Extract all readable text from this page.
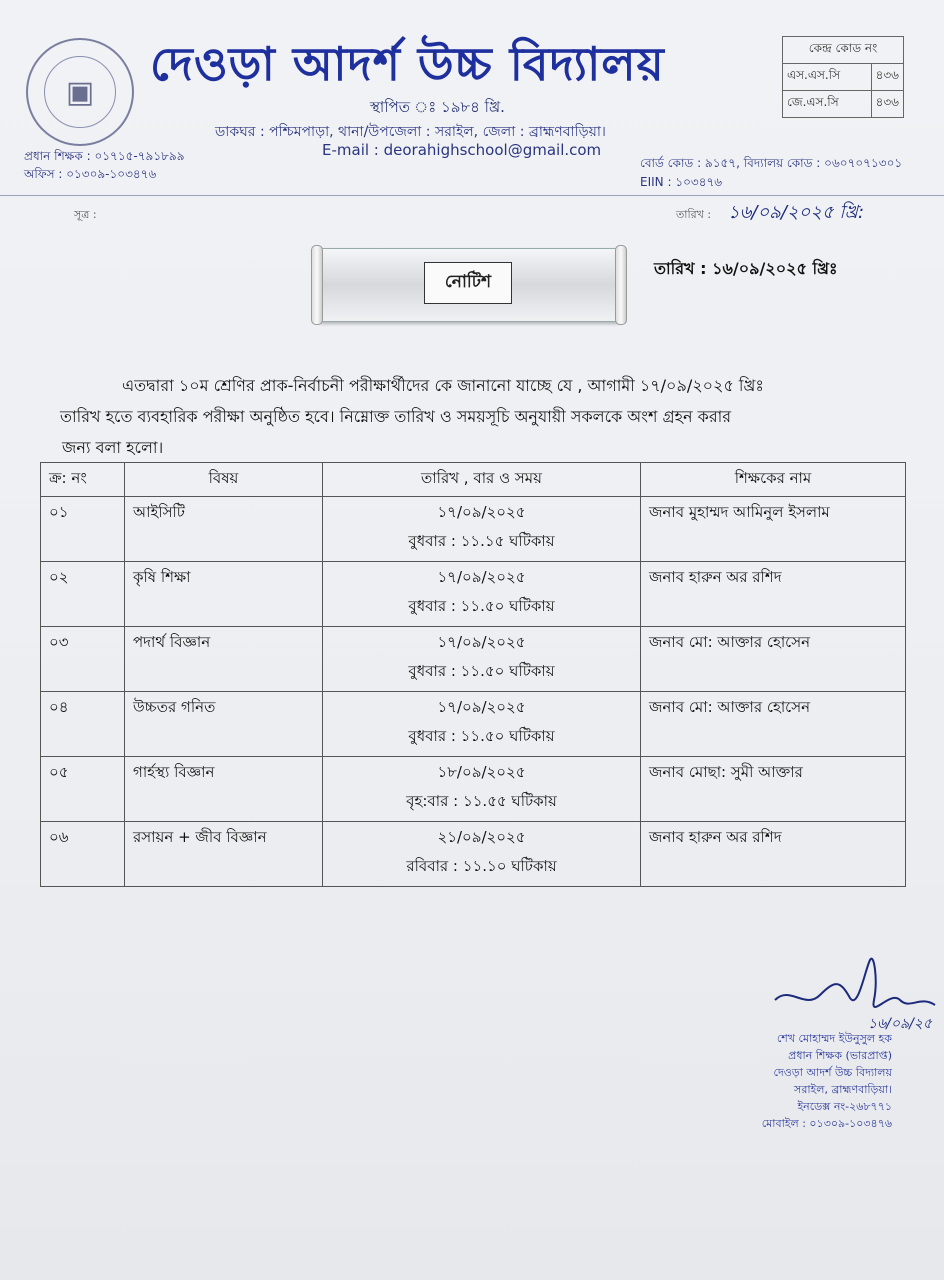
▣
দেওড়া আদর্শ উচ্চ বিদ্যালয়
স্থাপিত ঃ ১৯৮৪ খ্রি.
ডাকঘর : পশ্চিমপাড়া, থানা/উপজেলা : সরাইল, জেলা : ব্রাহ্মণবাড়িয়া।
E-mail : deorahighschool@gmail.com
কেন্দ্র কোড নং
এস.এস.সি	৪৩৬
জে.এস.সি	৪৩৬
প্রধান শিক্ষক : ০১৭১৫-৭৯১৮৯৯
অফিস : ০১৩০৯-১০৩৪৭৬
বোর্ড কোড : ৯১৫৭, বিদ্যালয় কোড : ০৬০৭০৭১৩০১
EIIN : ১০৩৪৭৬
সূত্র :	তারিখ : ১৬/০৯/২০২৫ খ্রি:
নোটিশ
তারিখ : ১৬/০৯/২০২৫ খ্রিঃ
এতদ্বারা ১০ম শ্রেণির প্রাক-নির্বাচনী পরীক্ষার্থীদের কে জানানো যাচ্ছে যে , আগামী ১৭/০৯/২০২৫ খ্রিঃ
তারিখ হতে ব্যবহারিক পরীক্ষা অনুষ্ঠিত হবে। নিম্নোক্ত তারিখ ও সময়সূচি অনুযায়ী সকলকে অংশ গ্রহন করার
জন্য বলা হলো।
ক্র: নং	বিষয়	তারিখ , বার ও সময়	শিক্ষকের নাম
০১	আইসিটি	১৭/০৯/২০২৫
বুধবার : ১১.১৫ ঘটিকায়	জনাব মুহাম্মদ আমিনুল ইসলাম
০২	কৃষি শিক্ষা	১৭/০৯/২০২৫
বুধবার : ১১.৫০ ঘটিকায়	জনাব হারুন অর রশিদ
০৩	পদার্থ বিজ্ঞান	১৭/০৯/২০২৫
বুধবার : ১১.৫০ ঘটিকায়	জনাব মো: আক্তার হোসেন
০৪	উচ্চতর গনিত	১৭/০৯/২০২৫
বুধবার : ১১.৫০ ঘটিকায়	জনাব মো: আক্তার হোসেন
০৫	গার্হস্থ্য বিজ্ঞান	১৮/০৯/২০২৫
বৃহ:বার : ১১.৫৫ ঘটিকায়	জনাব মোছা: সুমী আক্তার
০৬	রসায়ন + জীব বিজ্ঞান	২১/০৯/২০২৫
রবিবার : ১১.১০ ঘটিকায়	জনাব হারুন অর রশিদ
১৬/০৯/২৫
শেখ মোহাম্মদ ইউনুসুল হক
প্রধান শিক্ষক (ভারপ্রাপ্ত)
দেওড়া আদর্শ উচ্চ বিদ্যালয়
সরাইল, ব্রাহ্মণবাড়িয়া।
ইনডেক্স নং-২৬৮৭৭১
মোবাইল : ০১৩০৯-১০৩৪৭৬
